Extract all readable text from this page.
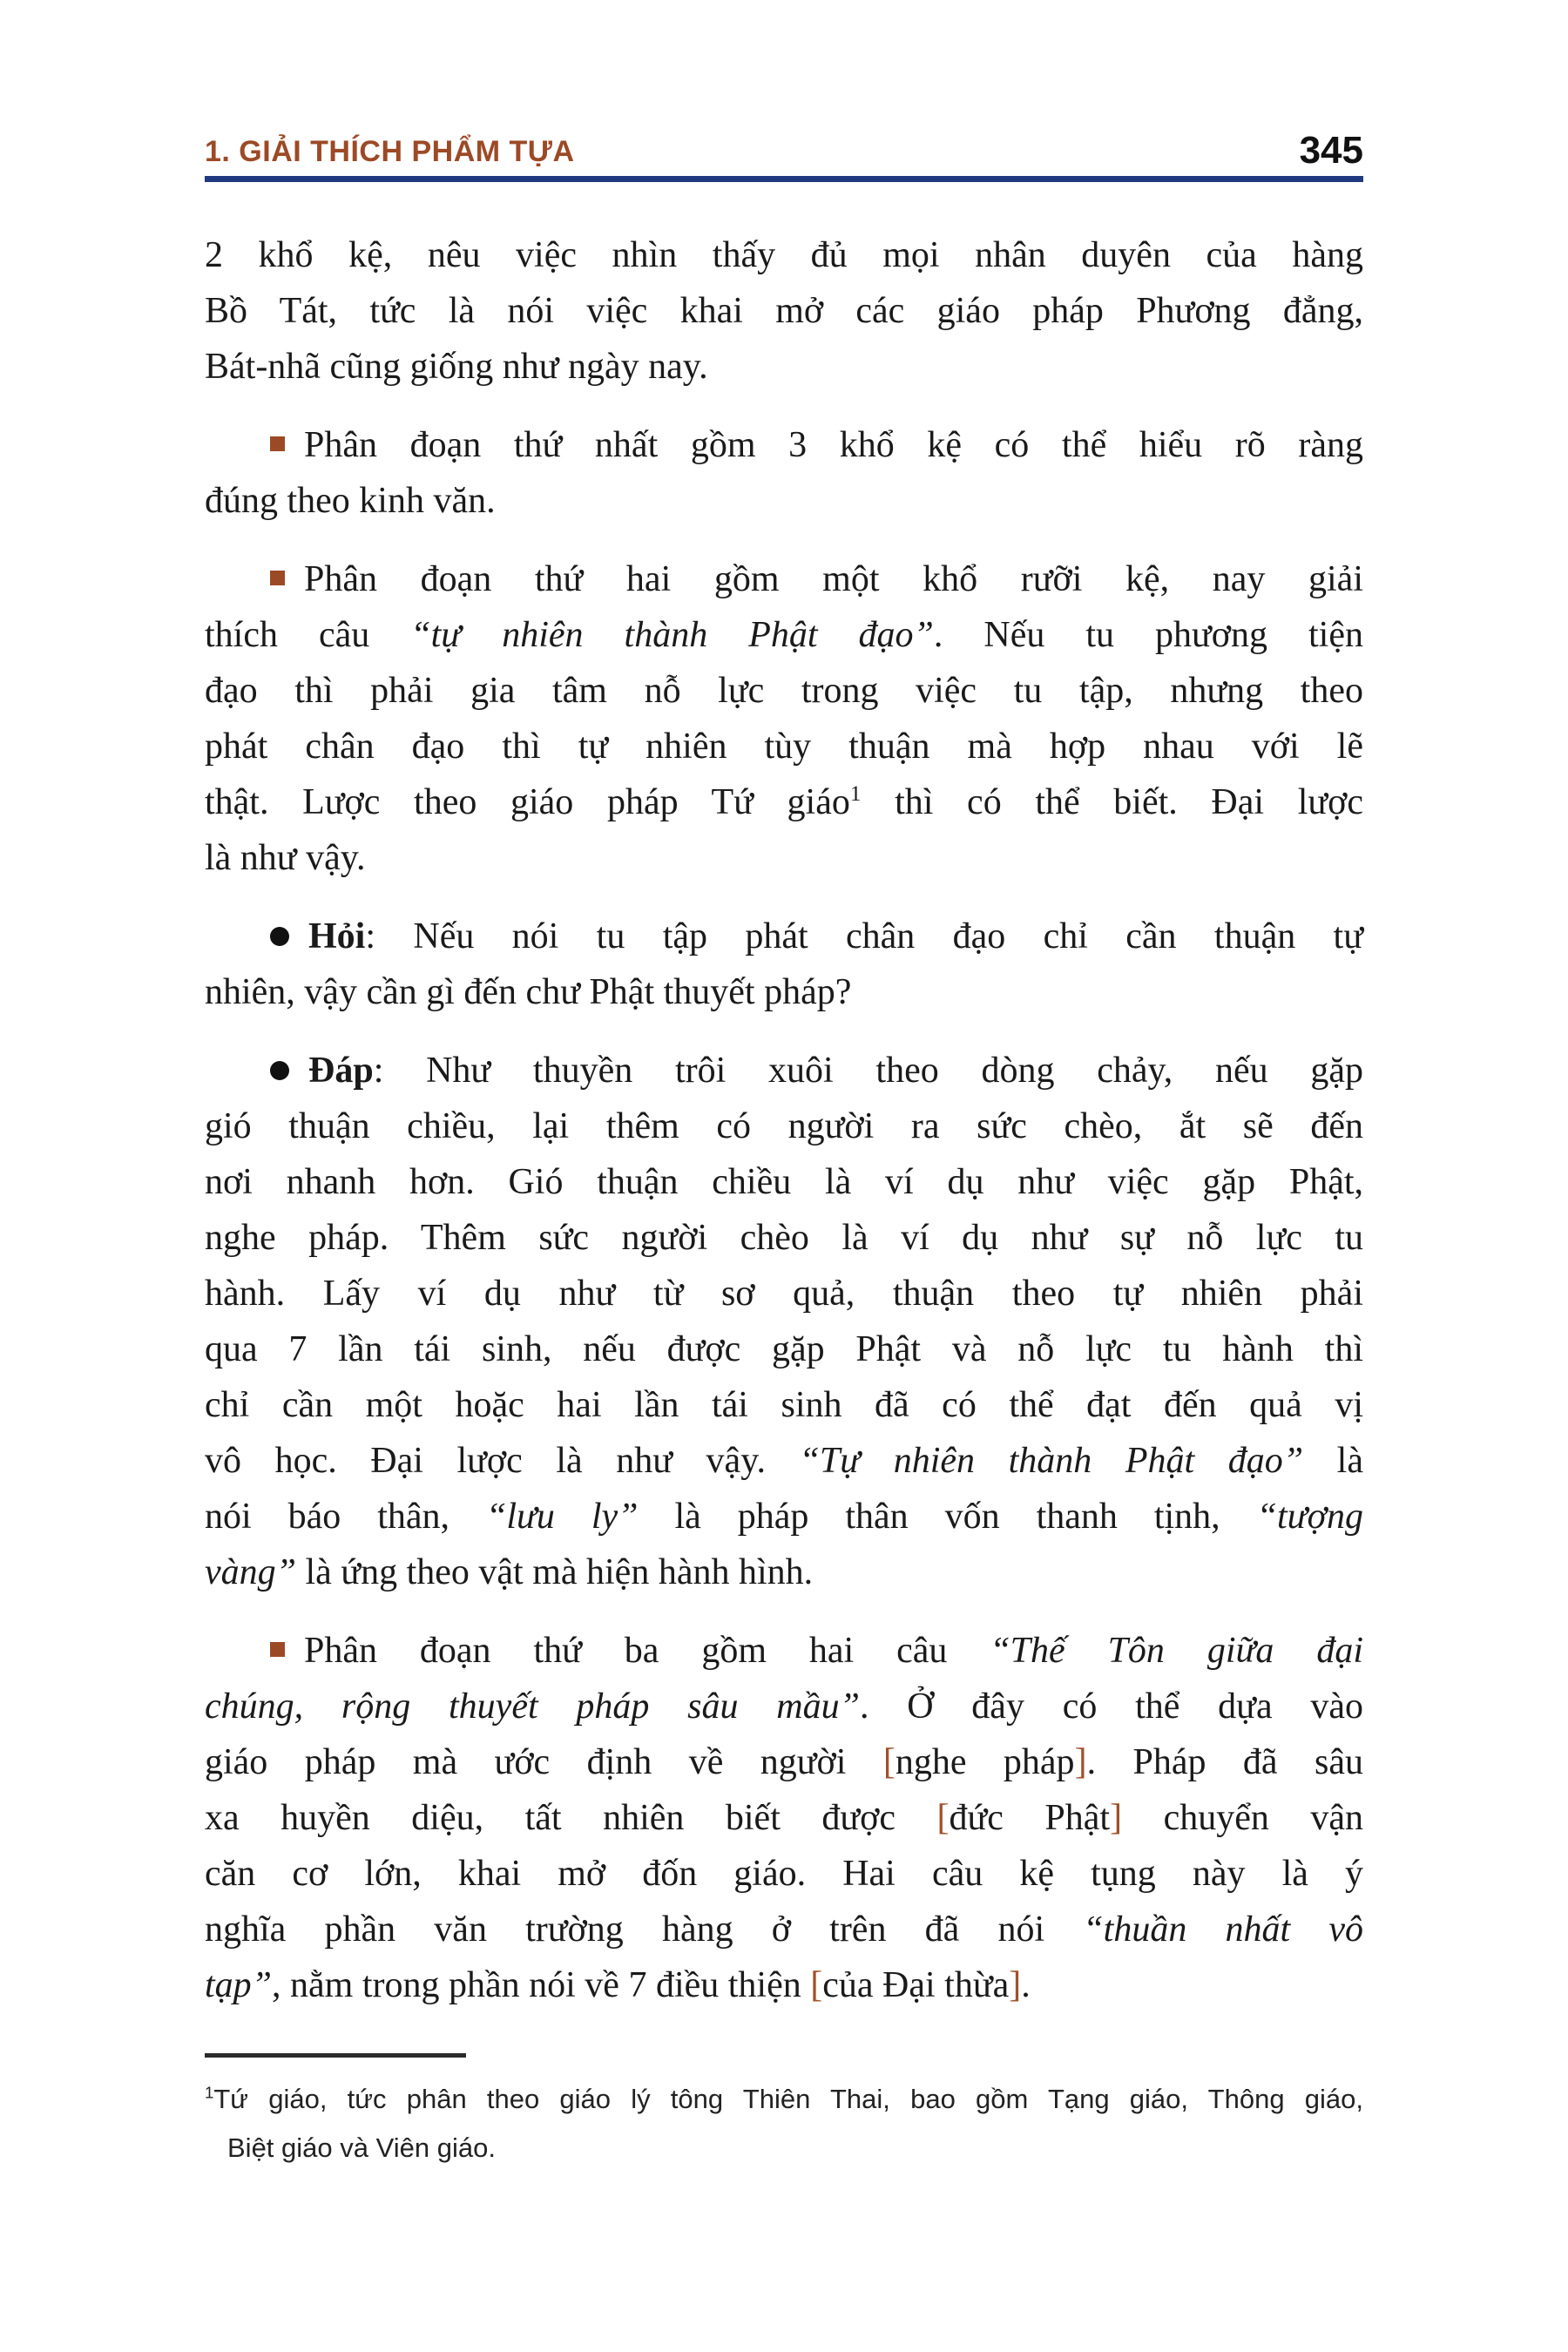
1. GIẢI THÍCH PHẨM TỰA	345
2 khổ kệ, nêu việc nhìn thấy đủ mọi nhân duyên của hàng
Bồ Tát, tức là nói việc khai mở các giáo pháp Phương đẳng,
Bát-nhã cũng giống như ngày nay.
Phân đoạn thứ nhất gồm 3 khổ kệ có thể hiểu rõ ràng
đúng theo kinh văn.
Phân đoạn thứ hai gồm một khổ rưỡi kệ, nay giải
thích câu “tự nhiên thành Phật đạo”. Nếu tu phương tiện
đạo thì phải gia tâm nỗ lực trong việc tu tập, nhưng theo
phát chân đạo thì tự nhiên tùy thuận mà hợp nhau với lẽ
thật. Lược theo giáo pháp Tứ giáo$^1$ thì có thể biết. Đại lược
là như vậy.
Hỏi: Nếu nói tu tập phát chân đạo chỉ cần thuận tự
nhiên, vậy cần gì đến chư Phật thuyết pháp?
Đáp: Như thuyền trôi xuôi theo dòng chảy, nếu gặp
gió thuận chiều, lại thêm có người ra sức chèo, ắt sẽ đến
nơi nhanh hơn. Gió thuận chiều là ví dụ như việc gặp Phật,
nghe pháp. Thêm sức người chèo là ví dụ như sự nỗ lực tu
hành. Lấy ví dụ như từ sơ quả, thuận theo tự nhiên phải
qua 7 lần tái sinh, nếu được gặp Phật và nỗ lực tu hành thì
chỉ cần một hoặc hai lần tái sinh đã có thể đạt đến quả vị
vô học. Đại lược là như vậy. “Tự nhiên thành Phật đạo” là
nói báo thân, “lưu ly” là pháp thân vốn thanh tịnh, “tượng
vàng” là ứng theo vật mà hiện hành hình.
Phân đoạn thứ ba gồm hai câu “Thế Tôn giữa đại
chúng, rộng thuyết pháp sâu mầu”. Ở đây có thể dựa vào
giáo pháp mà ước định về người [nghe pháp]. Pháp đã sâu
xa huyền diệu, tất nhiên biết được [đức Phật] chuyển vận
căn cơ lớn, khai mở đốn giáo. Hai câu kệ tụng này là ý
nghĩa phần văn trường hàng ở trên đã nói “thuần nhất vô
tạp”, nằm trong phần nói về 7 điều thiện [của Đại thừa].
$^1$Tứ giáo, tức phân theo giáo lý tông Thiên Thai, bao gồm Tạng giáo, Thông giáo,
Biệt giáo và Viên giáo.
